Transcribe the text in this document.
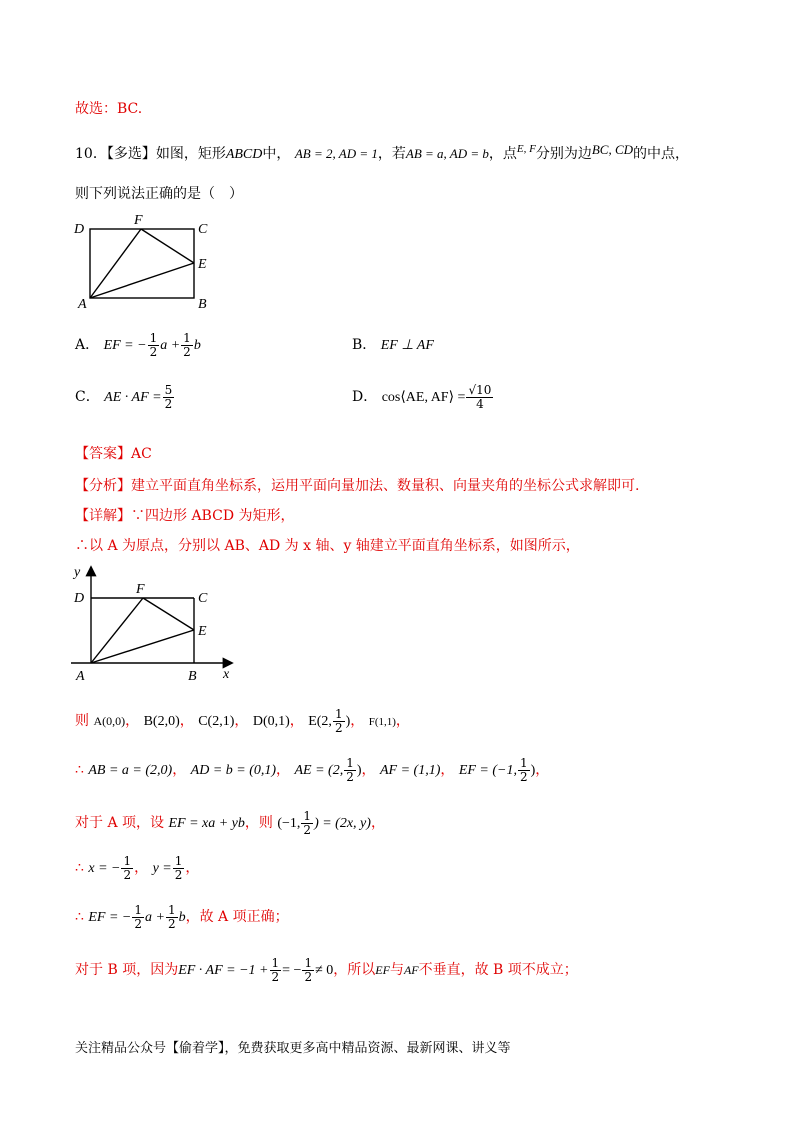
故选：BC.
10．【多选】如图，矩形ABCD中， AB = 2, AD = 1，若AB = a, AD = b，点$^{E, F}$分别为边BC, CD的中点，
则下列说法正确的是（　）
D
F
C
E
A	B
A． EF = − $\frac{1}{2}$ $a + \frac{1}{2}$ b	B． EF ⊥ AF
C． AE · AF = $\frac{5}{2}$	D． cos⟨AE, AF⟩ = $\frac{√10}{4}$
【答案】AC
【分析】建立平面直角坐标系，运用平面向量加法、数量积、向量夹角的坐标公式求解即可.
【详解】∵四边形 ABCD 为矩形，
∴以 A 为原点，分别以 AB、AD 为 x 轴、y 轴建立平面直角坐标系，如图所示，
y
x
D
F
C
E
A	B
则 A(0,0)， B(2,0)， C(2,1)， D(0,1)， E(2, $\frac{1}{2}$ )， F(1,1)，
∴ AB = a = (2,0)， AD = b = (0,1)， AE = (2, $\frac{1}{2}$ )， AF = (1,1)， EF = (−1, $\frac{1}{2}$ )，
对于 A 项，设 EF = xa + yb，则 (−1, $\frac{1}{2}$ ) = (2x, y)，
∴ x = − $\frac{1}{2}$ ， $y = \frac{1}{2}$ ，
∴ EF = − $\frac{1}{2}$ $a + \frac{1}{2}$ b，故 A 项正确；
对于 B 项，因为EF · AF = $-1 + \frac{1}{2}$ = − $\frac{1}{2} \ne 0$，所以EF与AF不垂直，故 B 项不成立；
关注精品公众号【偷着学】，免费获取更多高中精品资源、最新网课、讲义等
